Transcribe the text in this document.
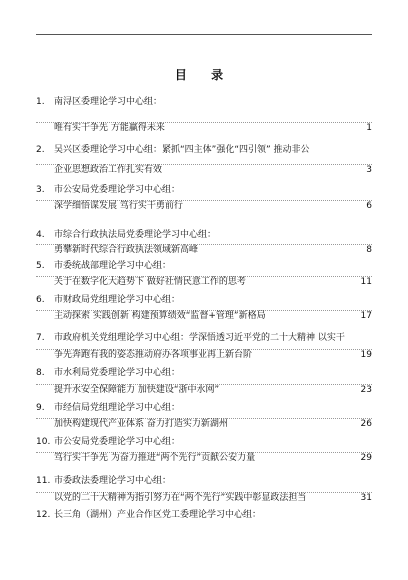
目 录
1. 南浔区委理论学习中心组：
唯有实干争先 方能赢得未来	1
2. 吴兴区委理论学习中心组：紧抓“四主体”强化“四引领” 推动非公
企业思想政治工作扎实有效	3
3. 市公安局党委理论学习中心组：
深学细悟谋发展 笃行实干勇前行	6
4. 市综合行政执法局党委理论学习中心组：
勇攀新时代综合行政执法领域新高峰	8
5. 市委统战部理论学习中心组：
关于在数字化大趋势下 做好社情民意工作的思考	11
6. 市财政局党组理论学习中心组：
主动探索 实践创新 构建预算绩效“监督+管理”新格局	17
7. 市政府机关党组理论学习中心组：学深悟透习近平党的二十大精神 以实干
争先奔跑有我的姿态推动府办各项事业再上新台阶	19
8. 市水利局党委理论学习中心组：
提升水安全保障能力 加快建设“浙中水网”	23
9. 市经信局党组理论学习中心组：
加快构建现代产业体系 奋力打造实力新湖州	26
10. 市公安局党委理论学习中心组：
笃行实干争先 为奋力推进“两个先行”贡献公安力量	29
11. 市委政法委理论学习中心组：
以党的二十大精神为指引努力在“两个先行”实践中彰显政法担当	31
12. 长三角（湖州）产业合作区党工委理论学习中心组：
